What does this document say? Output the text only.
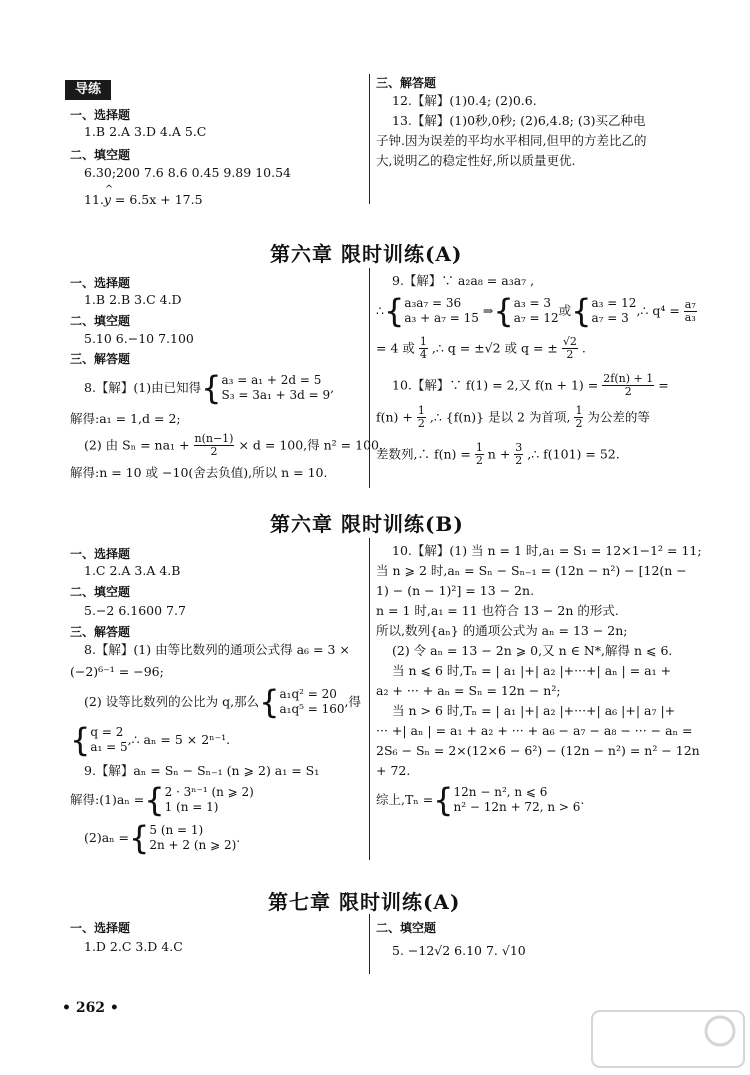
导练
一、选择题
1.B 2.A 3.D 4.A 5.C
二、填空题
6.30;200 7.6 8.6 0.45 9.89 10.54
11.
^
y = 6.5x + 17.5
三、解答题
12.【解】(1)0.4; (2)0.6.
13.【解】(1)0秒,0秒; (2)6,4.8; (3)买乙种电
子钟.因为误差的平均水平相同,但甲的方差比乙的
大,说明乙的稳定性好,所以质量更优.
第六章 限时训练(A)
一、选择题
1.B 2.B 3.C 4.D
二、填空题
5.10 6.−10 7.100
三、解答题
8.【解】(1)由已知得{ a₃ = a₁ + 2d = 5
S₃ = 3a₁ + 3d = 9 ,
解得:a₁ = 1,d = 2;
(2) 由 $S_n = na_1 + \frac{n(n-1)}{2} \times d = 100$,得 n² = 100.
解得:n = 10 或 −10(舍去负值),所以 n = 10.
9.【解】∵ a₂a₈ = a₃a₇ ,
∴{ a₃a₇ = 36
a₃ + a₇ = 15 ⇒{ a₃ = 3
a₇ = 12 或{ a₃ = 12
a₇ = 3 ,∴ $q^4 = \frac{\text{a₇}}{\text{a₃}}$
= 4 或 $\frac{1}{4}$ ,∴ q = ±√2 或 q = ± $\frac{√2}{2}$ .
10.【解】∵ f(1) = 2,又 $f(n + 1) = \frac{2f(n) + 1}{2}$ =
$f(n) + \frac{1}{2}$ ,∴ {f(n)} 是以 2 为首项, $\frac{1}{2}$ 为公差的等
差数列,∴ $f(n) = \frac{1}{2}$ $n + \frac{3}{2}$ ,∴ f(101) = 52.
第六章 限时训练(B)
一、选择题
1.C 2.A 3.A 4.B
二、填空题
5.−2 6.1600 7.7
三、解答题
8.【解】(1) 由等比数列的通项公式得 a₆ = 3 ×
(−2)⁶⁻¹ = −96;
(2) 设等比数列的公比为 q,那么{ a₁q² = 20
a₁q⁵ = 160 ,得
{ q = 2
a₁ = 5 ,∴ aₙ = 5 × 2ⁿ⁻¹.
9.【解】aₙ = Sₙ − Sₙ₋₁ (n ⩾ 2) a₁ = S₁
解得:(1)aₙ ={ 2 · 3ⁿ⁻¹ (n ⩾ 2)
1 (n = 1)
(2)aₙ ={ 5 (n = 1)
2n + 2 (n ⩾ 2) .
10.【解】(1) 当 n = 1 时,a₁ = S₁ = 12×1−1² = 11;
当 n ⩾ 2 时,aₙ = Sₙ − Sₙ₋₁ = (12n − n²) − [12(n −
1) − (n − 1)²] = 13 − 2n.
n = 1 时,a₁ = 11 也符合 13 − 2n 的形式.
所以,数列{aₙ} 的通项公式为 aₙ = 13 − 2n;
(2) 令 aₙ = 13 − 2n ⩾ 0,又 n ∈ N*,解得 n ⩽ 6.
当 n ⩽ 6 时,Tₙ = | a₁ |+| a₂ |+···+| aₙ | = a₁ +
a₂ + ··· + aₙ = Sₙ = 12n − n²;
当 n > 6 时,Tₙ = | a₁ |+| a₂ |+···+| a₆ |+| a₇ |+
··· +| aₙ | = a₁ + a₂ + ··· + a₆ − a₇ − a₈ − ··· − aₙ =
2S₆ − Sₙ = 2×(12×6 − 6²) − (12n − n²) = n² − 12n
+ 72.
综上,Tₙ ={ 12n − n², n ⩽ 6
n² − 12n + 72, n > 6 .
第七章 限时训练(A)
一、选择题
1.D 2.C 3.D 4.C
二、填空题
5. −12√2 6.10 7. √10
• 262 •
